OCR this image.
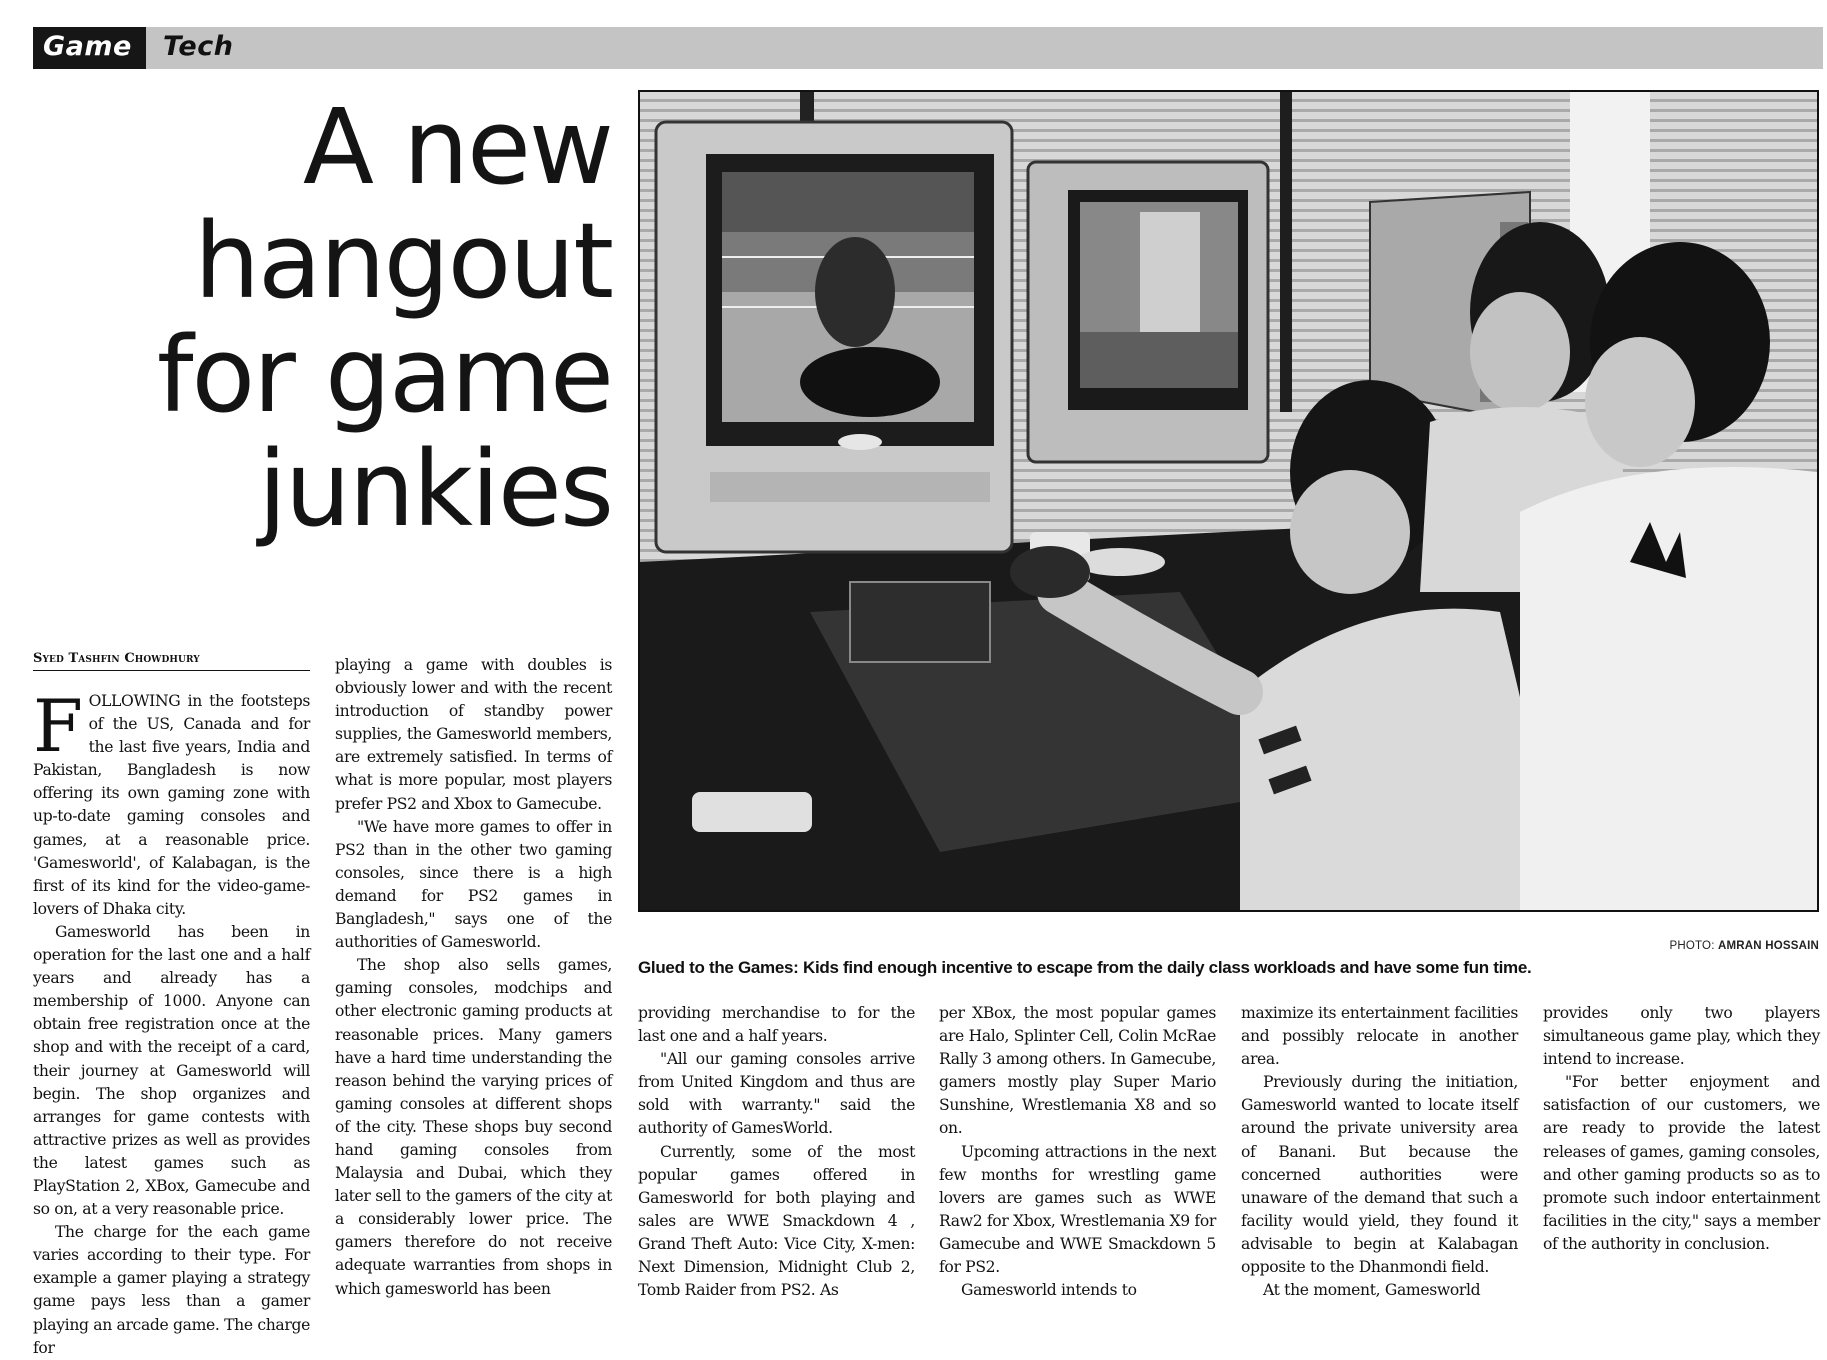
Game Tech
A new
hangout
for game
junkies
PHOTO: AMRAN HOSSAIN
Glued to the Games: Kids find enough incentive to escape from the daily class workloads and have some fun time.
Syed Tashfin Chowdhury

FOLLOWING in the footsteps of the US, Canada and for the last five years, India and Pakistan, Bangladesh is now offering its own gaming zone with up-to-date gaming consoles and games, at a reasonable price. 'Gamesworld', of Kalabagan, is the first of its kind for the video-game-lovers of Dhaka city.

Gamesworld has been in operation for the last one and a half years and already has a membership of 1000. Anyone can obtain free registration once at the shop and with the receipt of a card, their journey at Gamesworld will begin. The shop organizes and arranges for game contests with attractive prizes as well as provides the latest games such as PlayStation 2, XBox, Gamecube and so on, at a very reasonable price.

The charge for the each game varies according to their type. For example a gamer playing a strategy game pays less than a gamer playing an arcade game. The charge for

playing a game with doubles is obviously lower and with the recent introduction of standby power supplies, the Gamesworld members, are extremely satisfied. In terms of what is more popular, most players prefer PS2 and Xbox to Gamecube.

"We have more games to offer in PS2 than in the other two gaming consoles, since there is a high demand for PS2 games in Bangladesh," says one of the authorities of Gamesworld.

The shop also sells games, gaming consoles, modchips and other electronic gaming products at reasonable prices. Many gamers have a hard time understanding the reason behind the varying prices of gaming consoles at different shops of the city. These shops buy second hand gaming consoles from Malaysia and Dubai, which they later sell to the gamers of the city at a considerably lower price. The gamers therefore do not receive adequate warranties from shops in which gamesworld has been

providing merchandise to for the last one and a half years.

"All our gaming consoles arrive from United Kingdom and thus are sold with warranty." said the authority of GamesWorld.

Currently, some of the most popular games offered in Gamesworld for both playing and sales are WWE Smackdown 4 , Grand Theft Auto: Vice City, X-men: Next Dimension, Midnight Club 2, Tomb Raider from PS2. As

per XBox, the most popular games are Halo, Splinter Cell, Colin McRae Rally 3 among others. In Gamecube, gamers mostly play Super Mario Sunshine, Wrestlemania X8 and so on.

Upcoming attractions in the next few months for wrestling game lovers are games such as WWE Raw2 for Xbox, Wrestlemania X9 for Gamecube and WWE Smackdown 5 for PS2.

Gamesworld intends to

maximize its entertainment facilities and possibly relocate in another area.

Previously during the initiation, Gamesworld wanted to locate itself around the private university area of Banani. But because the concerned authorities were unaware of the demand that such a facility would yield, they found it advisable to begin at Kalabagan opposite to the Dhanmondi field.

At the moment, Gamesworld

provides only two players simultaneous game play, which they intend to increase.

"For better enjoyment and satisfaction of our customers, we are ready to provide the latest releases of games, gaming consoles, and other gaming products so as to promote such indoor entertainment facilities in the city," says a member of the authority in conclusion.
